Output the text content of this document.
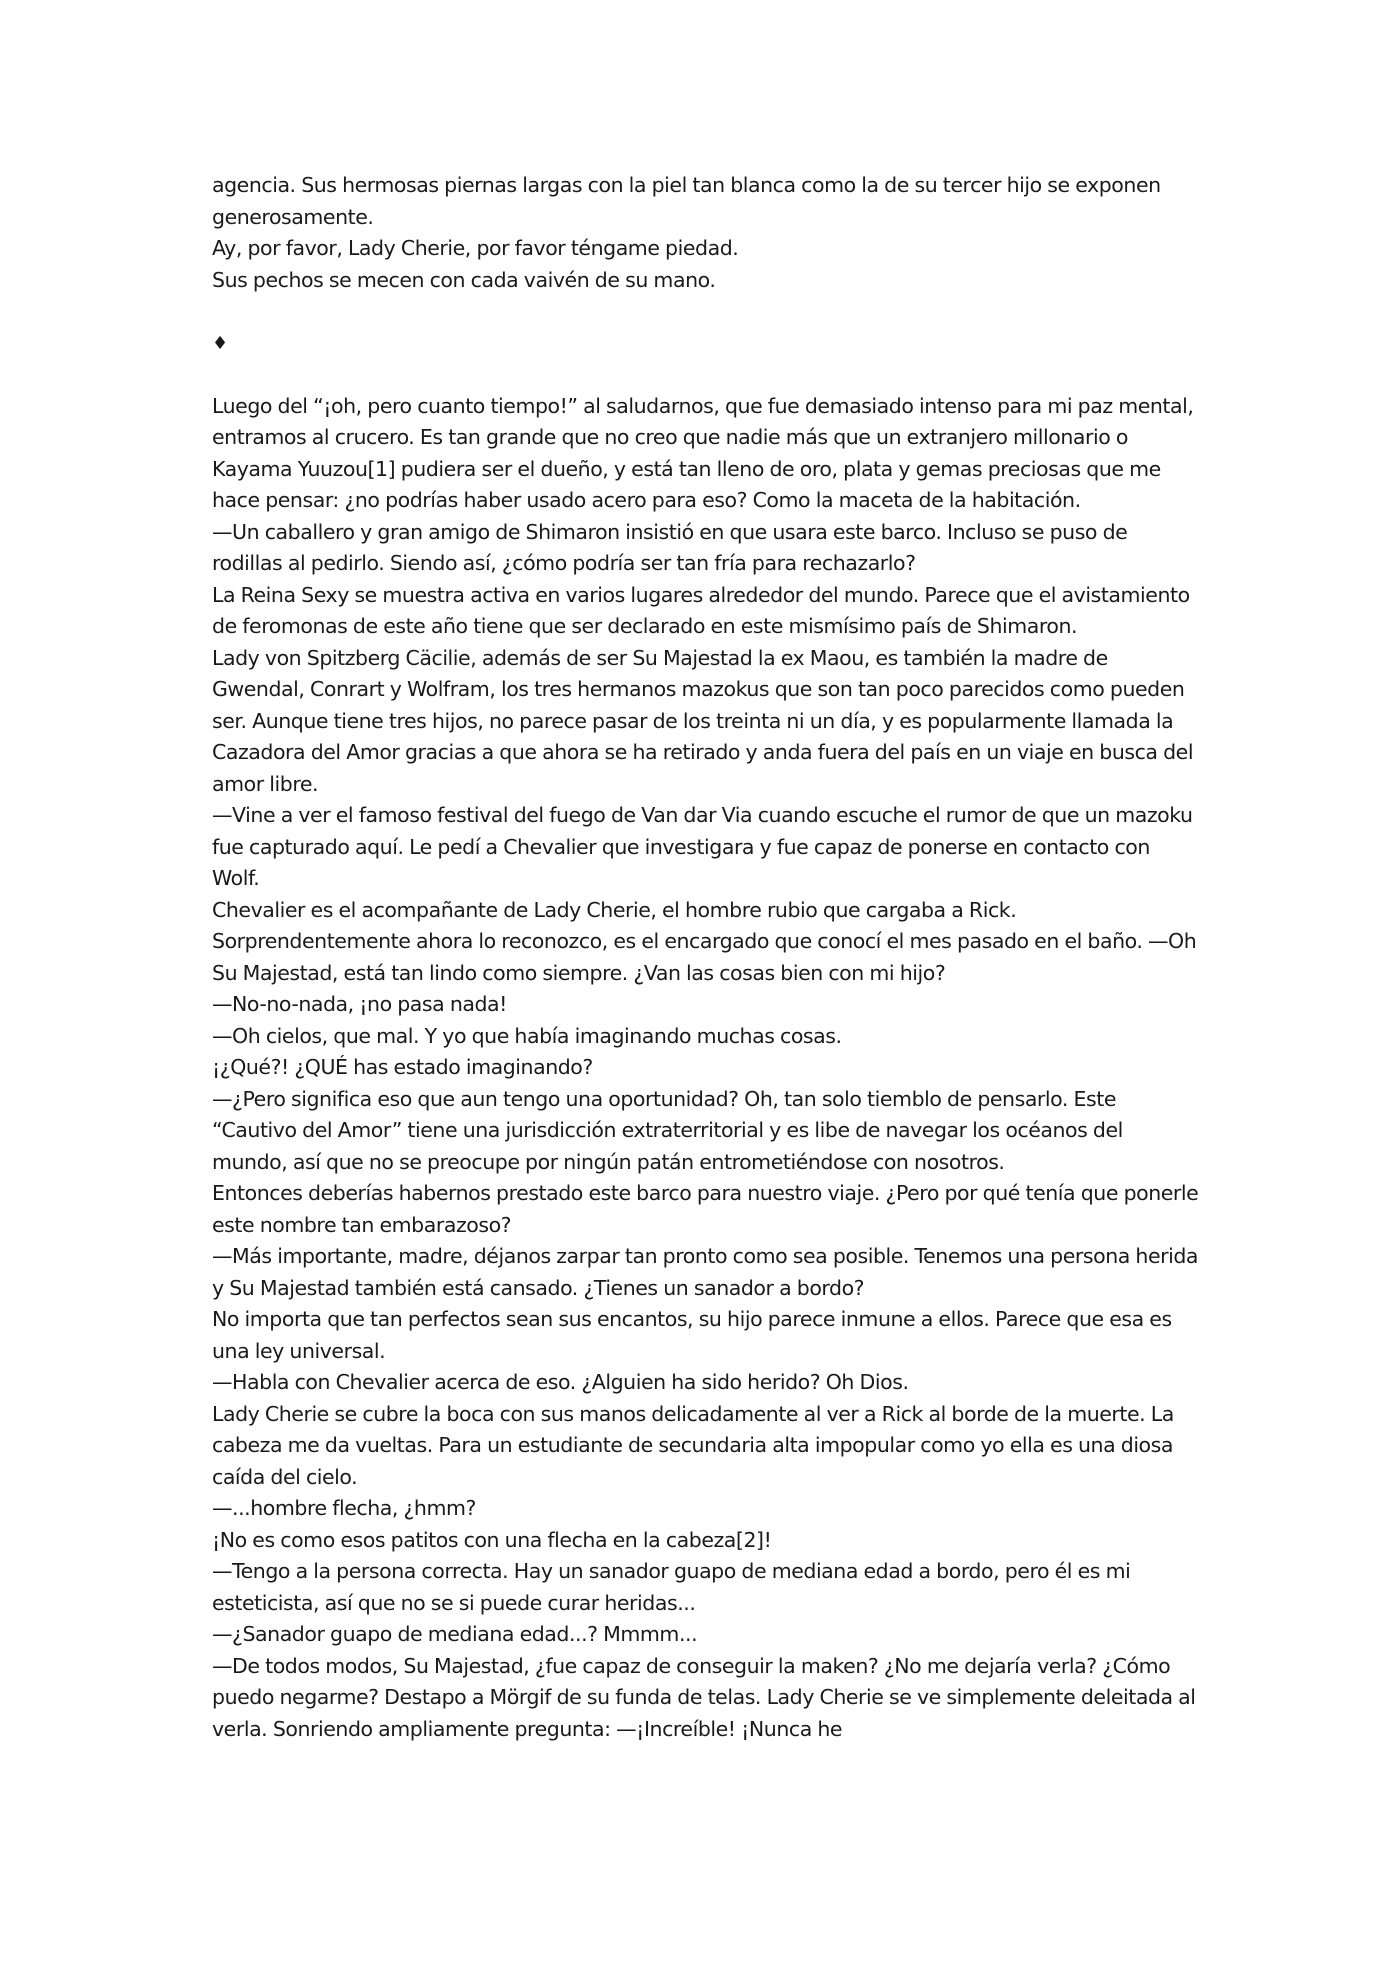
agencia. Sus hermosas piernas largas con la piel tan blanca como la de su tercer hijo se exponen generosamente.

Ay, por favor, Lady Cherie, por favor téngame piedad.

Sus pechos se mecen con cada vaivén de su mano.

♦

Luego del “¡oh, pero cuanto tiempo!” al saludarnos, que fue demasiado intenso para mi paz mental, entramos al crucero. Es tan grande que no creo que nadie más que un extranjero millonario o Kayama Yuuzou[1] pudiera ser el dueño, y está tan lleno de oro, plata y gemas preciosas que me hace pensar: ¿no podrías haber usado acero para eso? Como la maceta de la habitación.

—Un caballero y gran amigo de Shimaron insistió en que usara este barco. Incluso se puso de rodillas al pedirlo. Siendo así, ¿cómo podría ser tan fría para rechazarlo?

La Reina Sexy se muestra activa en varios lugares alrededor del mundo. Parece que el avistamiento de feromonas de este año tiene que ser declarado en este mismísimo país de Shimaron.

Lady von Spitzberg Cäcilie, además de ser Su Majestad la ex Maou, es también la madre de Gwendal, Conrart y Wolfram, los tres hermanos mazokus que son tan poco parecidos como pueden ser. Aunque tiene tres hijos, no parece pasar de los treinta ni un día, y es popularmente llamada la Cazadora del Amor gracias a que ahora se ha retirado y anda fuera del país en un viaje en busca del amor libre.

—Vine a ver el famoso festival del fuego de Van dar Via cuando escuche el rumor de que un mazoku fue capturado aquí. Le pedí a Chevalier que investigara y fue capaz de ponerse en contacto con Wolf.

Chevalier es el acompañante de Lady Cherie, el hombre rubio que cargaba a Rick. Sorprendentemente ahora lo reconozco, es el encargado que conocí el mes pasado en el baño. —Oh Su Majestad, está tan lindo como siempre. ¿Van las cosas bien con mi hijo?

—No-no-nada, ¡no pasa nada!

—Oh cielos, que mal. Y yo que había imaginando muchas cosas.

¡¿Qué?! ¿QUÉ has estado imaginando?

—¿Pero significa eso que aun tengo una oportunidad? Oh, tan solo tiemblo de pensarlo. Este “Cautivo del Amor” tiene una jurisdicción extraterritorial y es libe de navegar los océanos del mundo, así que no se preocupe por ningún patán entrometiéndose con nosotros.

Entonces deberías habernos prestado este barco para nuestro viaje. ¿Pero por qué tenía que ponerle este nombre tan embarazoso?

—Más importante, madre, déjanos zarpar tan pronto como sea posible. Tenemos una persona herida y Su Majestad también está cansado. ¿Tienes un sanador a bordo?

No importa que tan perfectos sean sus encantos, su hijo parece inmune a ellos. Parece que esa es una ley universal.

—Habla con Chevalier acerca de eso. ¿Alguien ha sido herido? Oh Dios.

Lady Cherie se cubre la boca con sus manos delicadamente al ver a Rick al borde de la muerte. La cabeza me da vueltas. Para un estudiante de secundaria alta impopular como yo ella es una diosa caída del cielo.

—...hombre flecha, ¿hmm?

¡No es como esos patitos con una flecha en la cabeza[2]!

—Tengo a la persona correcta. Hay un sanador guapo de mediana edad a bordo, pero él es mi esteticista, así que no se si puede curar heridas...

—¿Sanador guapo de mediana edad...? Mmmm...

—De todos modos, Su Majestad, ¿fue capaz de conseguir la maken? ¿No me dejaría verla? ¿Cómo puedo negarme? Destapo a Mörgif de su funda de telas. Lady Cherie se ve simplemente deleitada al verla. Sonriendo ampliamente pregunta: —¡Increíble! ¡Nunca he
